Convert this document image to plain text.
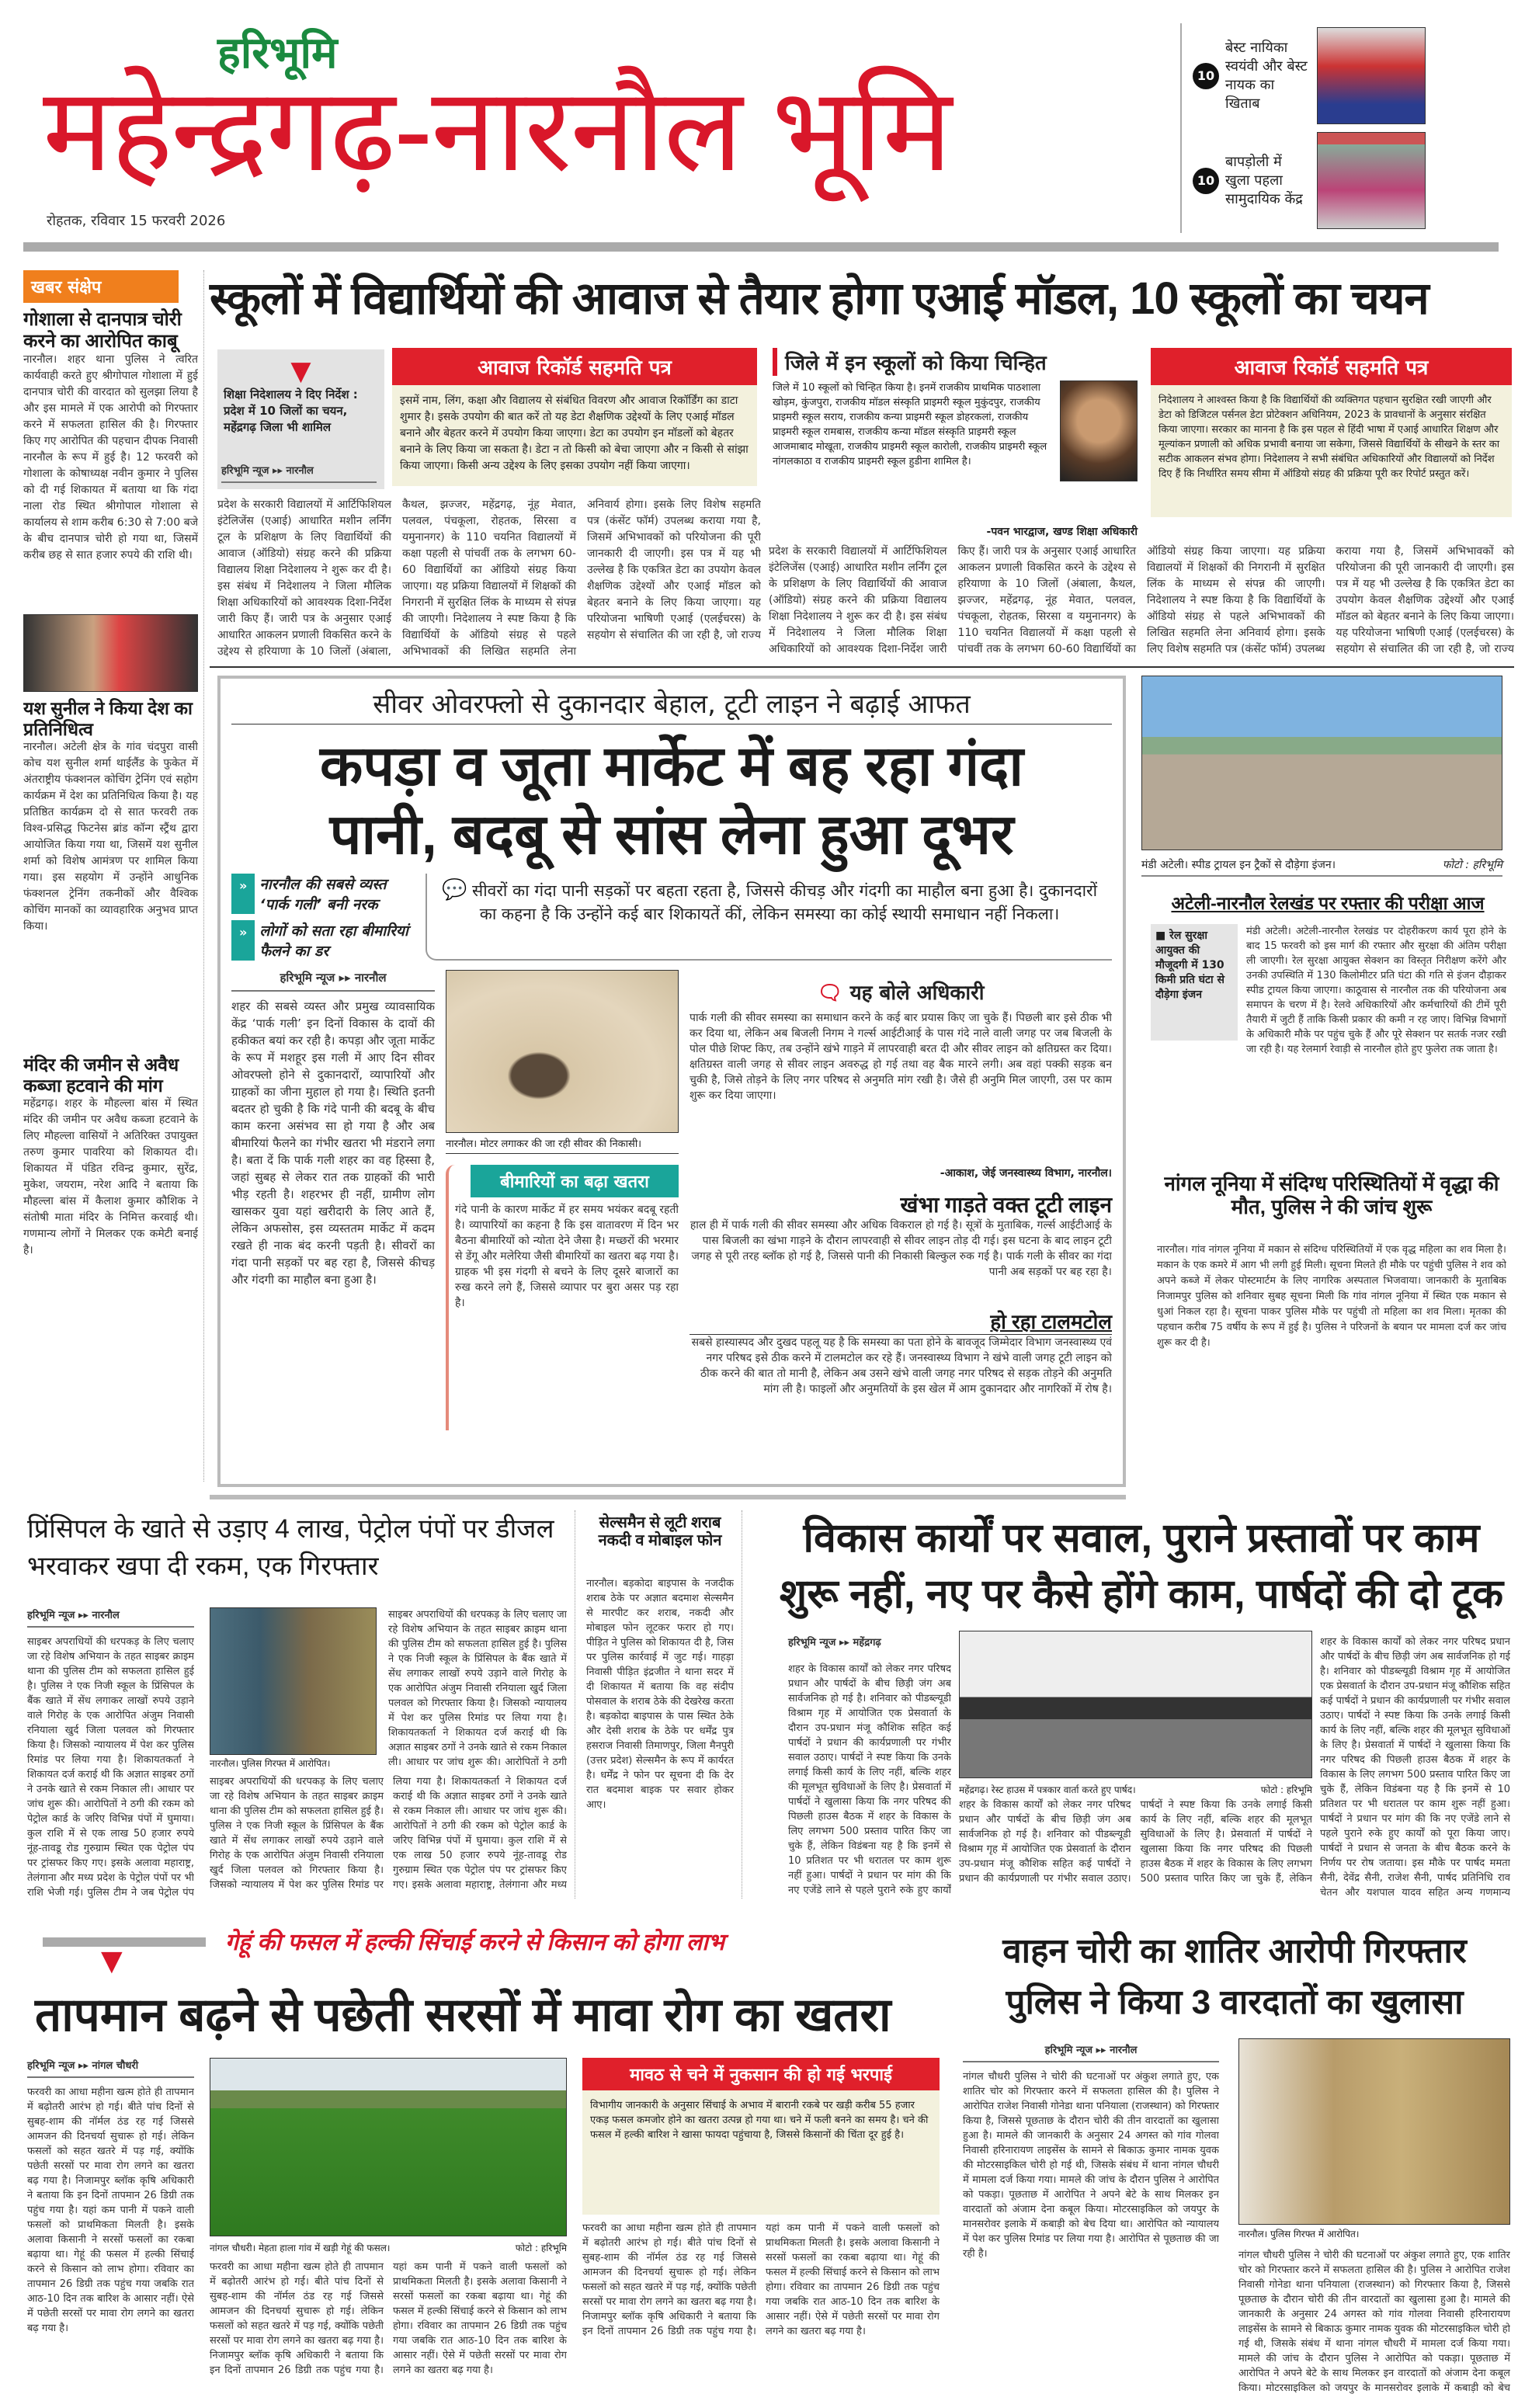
हरिभूमि
महेन्द्रगढ़-नारनौल भूमि
रोहतक, रविवार 15 फरवरी 2026
10
बेस्ट नायिका स्वयंवी और बेस्ट नायक का खिताब
10
बापड़ोली में खुला पहला सामुदायिक केंद्र
खबर संक्षेप
गोशाला से दानपात्र चोरी करने का आरोपित काबू
नारनौल। शहर थाना पुलिस ने त्वरित कार्यवाही करते हुए श्रीगोपाल गोशाला में हुई दानपात्र चोरी की वारदात को सुलझा लिया है और इस मामले में एक आरोपी को गिरफ्तार करने में सफलता हासिल की है। गिरफ्तार किए गए आरोपित की पहचान दीपक निवासी नारनौल के रूप में हुई है। 12 फरवरी को गोशाला के कोषाध्यक्ष नवीन कुमार ने पुलिस को दी गई शिकायत में बताया था कि गंदा नाला रोड स्थित श्रीगोपाल गोशाला से कार्यालय से शाम करीब 6:30 से 7:00 बजे के बीच दानपात्र चोरी हो गया था, जिसमें करीब छह से सात हजार रुपये की राशि थी।
यश सुनील ने किया देश का प्रतिनिधित्व
नारनौल। अटेली क्षेत्र के गांव चंदपुरा वासी कोच यश सुनील शर्मा थाईलैंड के फुकेत में अंतराष्ट्रीय फंक्शनल कोचिंग ट्रेनिंग एवं सहोग कार्यक्रम में देश का प्रतिनिधित्व किया है। यह प्रतिष्ठित कार्यक्रम दो से सात फरवरी तक विश्व-प्रसिद्ध फिटनेस ब्रांड कॉन्ग स्ट्रैंथ द्वारा आयोजित किया गया था, जिसमें यश सुनील शर्मा को विशेष आमंत्रण पर शामिल किया गया। इस सहयोग में उन्होंने आधुनिक फंक्शनल ट्रेनिंग तकनीकों और वैश्विक कोचिंग मानकों का व्यावहारिक अनुभव प्राप्त किया।
मंदिर की जमीन से अवैध कब्जा हटवाने की मांग
महेंद्रगढ़। शहर के मौहल्ला बांस में स्थित मंदिर की जमीन पर अवैध कब्जा हटवाने के लिए मौहल्ला वासियों ने अतिरिक्त उपायुक्त तरुण कुमार पावरिया को शिकायत दी। शिकायत में पंडित रविन्द्र कुमार, सुरेंद्र, मुकेश, जयराम, नरेश आदि ने बताया कि मौहल्ला बांस में कैलाश कुमार कौशिक ने संतोषी माता मंदिर के निमित्त करवाई थी। गणमान्य लोगों ने मिलकर एक कमेटी बनाई है।
स्कूलों में विद्यार्थियों की आवाज से तैयार होगा एआई मॉडल, 10 स्कूलों का चयन
▼
शिक्षा निदेशालय ने दिए निर्देश : प्रदेश में 10 जिलों का चयन, महेंद्रगढ़ जिला भी शामिल
हरिभूमि न्यूज ▸▸ नारनौल
आवाज रिकॉर्ड सहमति पत्र
इसमें नाम, लिंग, कक्षा और विद्यालय से संबंधित विवरण और आवाज रिकॉर्डिंग का डाटा शुमार है। इसके उपयोग की बात करें तो यह डेटा शैक्षणिक उद्देश्यों के लिए एआई मॉडल बनाने और बेहतर करने में उपयोग किया जाएगा। डेटा का उपयोग इन मॉडलों को बेहतर बनाने के लिए किया जा सकता है। डेटा न तो किसी को बेचा जाएगा और न किसी से सांझा किया जाएगा। किसी अन्य उद्देश्य के लिए इसका उपयोग नहीं किया जाएगा।
जिले में इन स्कूलों को किया चिन्हित
जिले में 10 स्कूलों को चिन्हित किया है। इनमें राजकीय प्राथमिक पाठशाला खोड़म, कुंजपुरा, राजकीय मॉडल संस्कृति प्राइमरी स्कूल मुकुंदपुर, राजकीय प्राइमरी स्कूल सराय, राजकीय कन्या प्राइमरी स्कूल डोहरकलां, राजकीय प्राइमरी स्कूल रामबास, राजकीय कन्या मॉडल संस्कृति प्राइमरी स्कूल आजमाबाद मोखूता, राजकीय प्राइमरी स्कूल कारोली, राजकीय प्राइमरी स्कूल नांगलकाठा व राजकीय प्राइमरी स्कूल हुडीना शामिल है।
-पवन भारद्वाज, खण्ड शिक्षा अधिकारी
आवाज रिकॉर्ड सहमति पत्र
निदेशालय ने आश्वस्त किया है कि विद्यार्थियों की व्यक्तिगत पहचान सुरक्षित रखी जाएगी और डेटा को डिजिटल पर्सनल डेटा प्रोटेक्शन अधिनियम, 2023 के प्रावधानों के अनुसार संरक्षित किया जाएगा। सरकार का मानना है कि इस पहल से हिंदी भाषा में एआई आधारित शिक्षण और मूल्यांकन प्रणाली को अधिक प्रभावी बनाया जा सकेगा, जिससे विद्यार्थियों के सीखने के स्तर का सटीक आकलन संभव होगा। निदेशालय ने सभी संबंधित अधिकारियों और विद्यालयों को निर्देश दिए हैं कि निर्धारित समय सीमा में ऑडियो संग्रह की प्रक्रिया पूरी कर रिपोर्ट प्रस्तुत करें।
प्रदेश के सरकारी विद्यालयों में आर्टिफिशियल इंटेलिजेंस (एआई) आधारित मशीन लर्निंग टूल के प्रशिक्षण के लिए विद्यार्थियों की आवाज (ऑडियो) संग्रह करने की प्रक्रिया विद्यालय शिक्षा निदेशालय ने शुरू कर दी है। इस संबंध में निदेशालय ने जिला मौलिक शिक्षा अधिकारियों को आवश्यक दिशा-निर्देश जारी किए हैं। जारी पत्र के अनुसार एआई आधारित आकलन प्रणाली विकसित करने के उद्देश्य से हरियाणा के 10 जिलों (अंबाला, कैथल, झज्जर, महेंद्रगढ़, नूंह मेवात, पलवल, पंचकूला, रोहतक, सिरसा व यमुनानगर) के 110 चयनित विद्यालयों में कक्षा पहली से पांचवीं तक के लगभग 60-60 विद्यार्थियों का ऑडियो संग्रह किया जाएगा। यह प्रक्रिया विद्यालयों में शिक्षकों की निगरानी में सुरक्षित लिंक के माध्यम से संपन्न की जाएगी। निदेशालय ने स्पष्ट किया है कि विद्यार्थियों के ऑडियो संग्रह से पहले अभिभावकों की लिखित सहमति लेना अनिवार्य होगा। इसके लिए विशेष सहमति पत्र (कंसेंट फॉर्म) उपलब्ध कराया गया है, जिसमें अभिभावकों को परियोजना की पूरी जानकारी दी जाएगी। इस पत्र में यह भी उल्लेख है कि एकत्रित डेटा का उपयोग केवल शैक्षणिक उद्देश्यों और एआई मॉडल को बेहतर बनाने के लिए किया जाएगा। यह परियोजना भाषिणी एआई (एलईचरस) के सहयोग से संचालित की जा रही है, जो राज्य
प्रदेश के सरकारी विद्यालयों में आर्टिफिशियल इंटेलिजेंस (एआई) आधारित मशीन लर्निंग टूल के प्रशिक्षण के लिए विद्यार्थियों की आवाज (ऑडियो) संग्रह करने की प्रक्रिया विद्यालय शिक्षा निदेशालय ने शुरू कर दी है। इस संबंध में निदेशालय ने जिला मौलिक शिक्षा अधिकारियों को आवश्यक दिशा-निर्देश जारी किए हैं। जारी पत्र के अनुसार एआई आधारित आकलन प्रणाली विकसित करने के उद्देश्य से हरियाणा के 10 जिलों (अंबाला, कैथल, झज्जर, महेंद्रगढ़, नूंह मेवात, पलवल, पंचकूला, रोहतक, सिरसा व यमुनानगर) के 110 चयनित विद्यालयों में कक्षा पहली से पांचवीं तक के लगभग 60-60 विद्यार्थियों का ऑडियो संग्रह किया जाएगा। यह प्रक्रिया विद्यालयों में शिक्षकों की निगरानी में सुरक्षित लिंक के माध्यम से संपन्न की जाएगी। निदेशालय ने स्पष्ट किया है कि विद्यार्थियों के ऑडियो संग्रह से पहले अभिभावकों की लिखित सहमति लेना अनिवार्य होगा। इसके लिए विशेष सहमति पत्र (कंसेंट फॉर्म) उपलब्ध कराया गया है, जिसमें अभिभावकों को परियोजना की पूरी जानकारी दी जाएगी। इस पत्र में यह भी उल्लेख है कि एकत्रित डेटा का उपयोग केवल शैक्षणिक उद्देश्यों और एआई मॉडल को बेहतर बनाने के लिए किया जाएगा। यह परियोजना भाषिणी एआई (एलईचरस) के सहयोग से संचालित की जा रही है, जो राज्य
सीवर ओवरफ्लो से दुकानदार बेहाल, टूटी लाइन ने बढ़ाई आफत
कपड़ा व जूता मार्केट में बह रहा गंदा पानी, बदबू से सांस लेना हुआ दूभर
» नारनौल की सबसे व्यस्त ‘पार्क गली’ बनी नरक
» लोगों को सता रहा बीमारियां फैलने का डर
💬 सीवरों का गंदा पानी सड़कों पर बहता रहता है, जिससे कीचड़ और गंदगी का माहौल बना हुआ है। दुकानदारों का कहना है कि उन्होंने कई बार शिकायतें कीं, लेकिन समस्या का कोई स्थायी समाधान नहीं निकला।
हरिभूमि न्यूज ▸▸ नारनौल
शहर की सबसे व्यस्त और प्रमुख व्यावसायिक केंद्र ‘पार्क गली’ इन दिनों विकास के दावों की हकीकत बयां कर रही है। कपड़ा और जूता मार्केट के रूप में मशहूर इस गली में आए दिन सीवर ओवरफ्लो होने से दुकानदारों, व्यापारियों और ग्राहकों का जीना मुहाल हो गया है। स्थिति इतनी बदतर हो चुकी है कि गंदे पानी की बदबू के बीच काम करना असंभव सा हो गया है और अब बीमारियां फैलने का गंभीर खतरा भी मंडराने लगा है। बता दें कि पार्क गली शहर का वह हिस्सा है, जहां सुबह से लेकर रात तक ग्राहकों की भारी भीड़ रहती है। शहरभर ही नहीं, ग्रामीण लोग खासकर युवा यहां खरीदारी के लिए आते हैं, लेकिन अफसोस, इस व्यस्ततम मार्केट में कदम रखते ही नाक बंद करनी पड़ती है। सीवरों का गंदा पानी सड़कों पर बह रहा है, जिससे कीचड़ और गंदगी का माहौल बना हुआ है।
नारनौल। मोटर लगाकर की जा रही सीवर की निकासी।
बीमारियों का बढ़ा खतरा
गंदे पानी के कारण मार्केट में हर समय भयंकर बदबू रहती है। व्यापारियों का कहना है कि इस वातावरण में दिन भर बैठना बीमारियों को न्योता देने जैसा है। मच्छरों की भरमार से डेंगू और मलेरिया जैसी बीमारियों का खतरा बढ़ गया है। ग्राहक भी इस गंदगी से बचने के लिए दूसरे बाजारों का रुख करने लगे हैं, जिससे व्यापार पर बुरा असर पड़ रहा है।
🗨 यह बोले अधिकारी
पार्क गली की सीवर समस्या का समाधान करने के कई बार प्रयास किए जा चुके हैं। पिछली बार इसे ठीक भी कर दिया था, लेकिन अब बिजली निगम ने गर्ल्स आईटीआई के पास गंदे नाले वाली जगह पर जब बिजली के पोल पीछे शिफ्ट किए, तब उन्होंने खंभे गाड़ने में लापरवाही बरत दी और सीवर लाइन को क्षतिग्रस्त कर दिया। क्षतिग्रस्त वाली जगह से सीवर लाइन अवरुद्ध हो गई तथा वह बैक मारने लगी। अब वहां पक्की सड़क बन चुकी है, जिसे तोड़ने के लिए नगर परिषद से अनुमति मांग रखी है। जैसे ही अनुमि मिल जाएगी, उस पर काम शुरू कर दिया जाएगा।
-आकाश, जेई जनस्वास्थ्य विभाग, नारनौल।
खंभा गाड़ते वक्त टूटी लाइन
हाल ही में पार्क गली की सीवर समस्या और अधिक विकराल हो गई है। सूत्रों के मुताबिक, गर्ल्स आईटीआई के पास बिजली का खंभा गाड़ने के दौरान लापरवाही से सीवर लाइन तोड़ दी गई। इस घटना के बाद लाइन टूटी जगह से पूरी तरह ब्लॉक हो गई है, जिससे पानी की निकासी बिल्कुल रुक गई है। पार्क गली के सीवर का गंदा पानी अब सड़कों पर बह रहा है।
हो रहा टालमटोल
सबसे हास्यास्पद और दुखद पहलू यह है कि समस्या का पता होने के बावजूद जिम्मेदार विभाग जनस्वास्थ्य एवं नगर परिषद इसे ठीक करने में टालमटोल कर रहे हैं। जनस्वास्थ्य विभाग ने खंभे वाली जगह टूटी लाइन को ठीक करने की बात तो मानी है, लेकिन अब उसने खंभे वाली जगह नगर परिषद से सड़क तोड़ने की अनुमति मांग ली है। फाइलों और अनुमतियों के इस खेल में आम दुकानदार और नागरिकों में रोष है।
मंडी अटेली। स्पीड ट्रायल इन ट्रैकों से दौड़ेगा इंजन।	फोटो : हरिभूमि
अटेली-नारनौल रेलखंड पर रफ्तार की परीक्षा आज
■ रेल सुरक्षा आयुक्त की मौजूदगी में 130 किमी प्रति घंटा से दौड़ेगा इंजन
मंडी अटेली। अटेली-नारनौल रेलखंड पर दोहरीकरण कार्य पूरा होने के बाद 15 फरवरी को इस मार्ग की रफ्तार और सुरक्षा की अंतिम परीक्षा ली जाएगी। रेल सुरक्षा आयुक्त सेक्शन का विस्तृत निरीक्षण करेंगे और उनकी उपस्थिति में 130 किलोमीटर प्रति घंटा की गति से इंजन दौड़ाकर स्पीड ट्रायल किया जाएगा। काठूवास से नारनौल तक की परियोजना अब समापन के चरण में है। रेलवे अधिकारियों और कर्मचारियों की टीमें पूरी तैयारी में जुटी हैं ताकि किसी प्रकार की कमी न रह जाए। विभिन्न विभागों के अधिकारी मौके पर पहुंच चुके हैं और पूरे सेक्शन पर सतर्क नजर रखी जा रही है। यह रेलमार्ग रेवाड़ी से नारनौल होते हुए फुलेरा तक जाता है।
नांगल नूनिया में संदिग्ध परिस्थितियों में वृद्धा की मौत, पुलिस ने की जांच शुरू
नारनौल। गांव नांगल नूनिया में मकान से संदिग्ध परिस्थितियों में एक वृद्ध महिला का शव मिला है। मकान के एक कमरे में आग भी लगी हुई मिली। सूचना मिलते ही मौके पर पहुंची पुलिस ने शव को अपने कब्जे में लेकर पोस्टमार्टम के लिए नागरिक अस्पताल भिजवाया। जानकारी के मुताबिक निजामपुर पुलिस को शनिवार सुबह सूचना मिली कि गांव नांगल नूनिया में स्थित एक मकान से धुआं निकल रहा है। सूचना पाकर पुलिस मौके पर पहुंची तो महिला का शव मिला। मृतका की पहचान करीब 75 वर्षीय के रूप में हुई है। पुलिस ने परिजनों के बयान पर मामला दर्ज कर जांच शुरू कर दी है।
प्रिंसिपल के खाते से उड़ाए 4 लाख, पेट्रोल पंपों पर डीजल भरवाकर खपा दी रकम, एक गिरफ्तार
हरिभूमि न्यूज ▸▸ नारनौल
साइबर अपराधियों की धरपकड़ के लिए चलाए जा रहे विशेष अभियान के तहत साइबर क्राइम थाना की पुलिस टीम को सफलता हासिल हुई है। पुलिस ने एक निजी स्कूल के प्रिंसिपल के बैंक खाते में सेंध लगाकर लाखों रुपये उड़ाने वाले गिरोह के एक आरोपित अंजुम निवासी रनियाला खुर्द जिला पलवल को गिरफ्तार किया है। जिसको न्यायालय में पेश कर पुलिस रिमांड पर लिया गया है। शिकायतकर्ता ने शिकायत दर्ज कराई थी कि अज्ञात साइबर ठगों ने उनके खाते से रकम निकाल ली। आधार पर जांच शुरू की। आरोपितों ने ठगी की रकम को पेट्रोल कार्ड के जरिए विभिन्न पंपों में घुमाया। कुल राशि में से एक लाख 50 हजार रुपये नूंह-तावडू रोड गुरुग्राम स्थित एक पेट्रोल पंप पर ट्रांसफर किए गए। इसके अलावा महाराष्ट्र, तेलंगाना और मध्य प्रदेश के पेट्रोल पंपों पर भी राशि भेजी गई। पुलिस टीम ने जब पेट्रोल पंप
नारनौल। पुलिस गिरफ्त में आरोपित।
साइबर अपराधियों की धरपकड़ के लिए चलाए जा रहे विशेष अभियान के तहत साइबर क्राइम थाना की पुलिस टीम को सफलता हासिल हुई है। पुलिस ने एक निजी स्कूल के प्रिंसिपल के बैंक खाते में सेंध लगाकर लाखों रुपये उड़ाने वाले गिरोह के एक आरोपित अंजुम निवासी रनियाला खुर्द जिला पलवल को गिरफ्तार किया है। जिसको न्यायालय में पेश कर पुलिस रिमांड पर लिया गया है। शिकायतकर्ता ने शिकायत दर्ज कराई थी कि अज्ञात साइबर ठगों ने उनके खाते से रकम निकाल ली। आधार पर जांच शुरू की। आरोपितों ने ठगी की रकम को पेट्रोल कार्ड के जरिए विभिन्न पंपों में घुमाया। कुल राशि में से एक लाख 50 हजार रुपये नूंह-तावडू रोड गुरुग्राम स्थित एक पेट्रोल पंप पर ट्रांसफर किए गए। इसके अलावा महाराष्ट्र, तेलंगाना और मध्य
साइबर अपराधियों की धरपकड़ के लिए चलाए जा रहे विशेष अभियान के तहत साइबर क्राइम थाना की पुलिस टीम को सफलता हासिल हुई है। पुलिस ने एक निजी स्कूल के प्रिंसिपल के बैंक खाते में सेंध लगाकर लाखों रुपये उड़ाने वाले गिरोह के एक आरोपित अंजुम निवासी रनियाला खुर्द जिला पलवल को गिरफ्तार किया है। जिसको न्यायालय में पेश कर पुलिस रिमांड पर लिया गया है। शिकायतकर्ता ने शिकायत दर्ज कराई थी कि अज्ञात साइबर ठगों ने उनके खाते से रकम निकाल ली। आधार पर जांच शुरू की। आरोपितों ने ठगी
सेल्समैन से लूटी शराब नकदी व मोबाइल फोन
नारनौल। बड़कोदा बाइपास के नजदीक शराब ठेके पर अज्ञात बदमाश सेल्समैन से मारपीट कर शराब, नकदी और मोबाइल फोन लूटकर फरार हो गए। पीड़ित ने पुलिस को शिकायत दी है, जिस पर पुलिस कार्रवाई में जुट गई। गाहड़ा निवासी पीड़ित इंद्रजीत ने थाना सदर में दी शिकायत में बताया कि वह संदीप पोसवाल के शराब ठेके की देखरेख करता है। बड़कोदा बाइपास के पास स्थित ठेके और देसी शराब के ठेके पर धर्मेंद्र पुत्र हसराज निवासी तिमाणपुर, जिला मैनपुरी (उत्तर प्रदेश) सेल्समैन के रूप में कार्यरत है। धर्मेंद्र ने फोन पर सूचना दी कि देर रात बदमाश बाइक पर सवार होकर आए।
विकास कार्यों पर सवाल, पुराने प्रस्तावों पर काम शुरू नहीं, नए पर कैसे होंगे काम, पार्षदों की दो टूक
हरिभूमि न्यूज ▸▸ महेंद्रगढ़
शहर के विकास कार्यों को लेकर नगर परिषद प्रधान और पार्षदों के बीच छिड़ी जंग अब सार्वजनिक हो गई है। शनिवार को पीडब्ल्यूडी विश्राम गृह में आयोजित एक प्रेसवार्ता के दौरान उप-प्रधान मंजू कौशिक सहित कई पार्षदों ने प्रधान की कार्यप्रणाली पर गंभीर सवाल उठाए। पार्षदों ने स्पष्ट किया कि उनके लगाई किसी कार्य के लिए नहीं, बल्कि शहर की मूलभूत सुविधाओं के लिए है। प्रेसवार्ता में पार्षदों ने खुलासा किया कि नगर परिषद की पिछली हाउस बैठक में शहर के विकास के लिए लगभग 500 प्रस्ताव पारित किए जा चुके हैं, लेकिन विडंबना यह है कि इनमें से 10 प्रतिशत पर भी धरातल पर काम शुरू नहीं हुआ। पार्षदों ने प्रधान पर मांग की कि नए एजेंडे लाने से पहले पुराने रुके हुए कार्यों
महेंद्रगढ़। रेस्ट हाउस में पत्रकार वार्ता करते हुए पार्षद।	फोटो : हरिभूमि
शहर के विकास कार्यों को लेकर नगर परिषद प्रधान और पार्षदों के बीच छिड़ी जंग अब सार्वजनिक हो गई है। शनिवार को पीडब्ल्यूडी विश्राम गृह में आयोजित एक प्रेसवार्ता के दौरान उप-प्रधान मंजू कौशिक सहित कई पार्षदों ने प्रधान की कार्यप्रणाली पर गंभीर सवाल उठाए। पार्षदों ने स्पष्ट किया कि उनके लगाई किसी कार्य के लिए नहीं, बल्कि शहर की मूलभूत सुविधाओं के लिए है। प्रेसवार्ता में पार्षदों ने खुलासा किया कि नगर परिषद की पिछली हाउस बैठक में शहर के विकास के लिए लगभग 500 प्रस्ताव पारित किए जा चुके हैं, लेकिन
शहर के विकास कार्यों को लेकर नगर परिषद प्रधान और पार्षदों के बीच छिड़ी जंग अब सार्वजनिक हो गई है। शनिवार को पीडब्ल्यूडी विश्राम गृह में आयोजित एक प्रेसवार्ता के दौरान उप-प्रधान मंजू कौशिक सहित कई पार्षदों ने प्रधान की कार्यप्रणाली पर गंभीर सवाल उठाए। पार्षदों ने स्पष्ट किया कि उनके लगाई किसी कार्य के लिए नहीं, बल्कि शहर की मूलभूत सुविधाओं के लिए है। प्रेसवार्ता में पार्षदों ने खुलासा किया कि नगर परिषद की पिछली हाउस बैठक में शहर के विकास के लिए लगभग 500 प्रस्ताव पारित किए जा चुके हैं, लेकिन विडंबना यह है कि इनमें से 10 प्रतिशत पर भी धरातल पर काम शुरू नहीं हुआ। पार्षदों ने प्रधान पर मांग की कि नए एजेंडे लाने से पहले पुराने रुके हुए कार्यों को पूरा किया जाए। पार्षदों ने प्रधान से जनता के बीच बैठक करने के निर्णय पर रोष जताया। इस मौके पर पार्षद ममता सैनी, देवेंद्र सैनी, राजेश सैनी, पार्षद प्रतिनिधि राव चेतन और यशपाल यादव सहित अन्य गणमान्य
▼
गेहूं की फसल में हल्की सिंचाई करने से किसान को होगा लाभ
तापमान बढ़ने से पछेती सरसों में मावा रोग का खतरा
हरिभूमि न्यूज ▸▸ नांगल चौधरी
फरवरी का आधा महीना खत्म होते ही तापमान में बढ़ोतरी आरंभ हो गई। बीते पांच दिनों से सुबह-शाम की नॉर्मल ठंड रह गई जिससे आमजन की दिनचर्या सुचारू हो गई। लेकिन फसलों को सहत खतरे में पड़ गई, क्योंकि पछेती सरसों पर मावा रोग लगने का खतरा बढ़ गया है। निजामपुर ब्लॉक कृषि अधिकारी ने बताया कि इन दिनों तापमान 26 डिग्री तक पहुंच गया है। यहां कम पानी में पकने वाली फसलों को प्राथमिकता मिलती है। इसके अलावा किसानी ने सरसों फसलों का रकबा बढ़ाया था। गेहूं की फसल में हल्की सिंचाई करने से किसान को लाभ होगा। रविवार का तापमान 26 डिग्री तक पहुंच गया जबकि रात आठ-10 दिन तक बारिश के आसार नहीं। ऐसे में पछेती सरसों पर मावा रोग लगने का खतरा बढ़ गया है।
नांगल चौधरी। मेहता हाला गांव में खड़ी गेहूं की फसल।	फोटो : हरिभूमि
फरवरी का आधा महीना खत्म होते ही तापमान में बढ़ोतरी आरंभ हो गई। बीते पांच दिनों से सुबह-शाम की नॉर्मल ठंड रह गई जिससे आमजन की दिनचर्या सुचारू हो गई। लेकिन फसलों को सहत खतरे में पड़ गई, क्योंकि पछेती सरसों पर मावा रोग लगने का खतरा बढ़ गया है। निजामपुर ब्लॉक कृषि अधिकारी ने बताया कि इन दिनों तापमान 26 डिग्री तक पहुंच गया है। यहां कम पानी में पकने वाली फसलों को प्राथमिकता मिलती है। इसके अलावा किसानी ने सरसों फसलों का रकबा बढ़ाया था। गेहूं की फसल में हल्की सिंचाई करने से किसान को लाभ होगा। रविवार का तापमान 26 डिग्री तक पहुंच गया जबकि रात आठ-10 दिन तक बारिश के आसार नहीं। ऐसे में पछेती सरसों पर मावा रोग लगने का खतरा बढ़ गया है।
मावठ से चने में नुकसान की हो गई भरपाई
विभागीय जानकारी के अनुसार सिंचाई के अभाव में बारानी रकबे पर खड़ी करीब 55 हजार एकड़ फसल कमजोर होने का खतरा उत्पन्न हो गया था। चने में फली बनने का समय है। चने की फसल में हल्की बारिश ने खासा फायदा पहुंचाया है, जिससे किसानों की चिंता दूर हुई है।
फरवरी का आधा महीना खत्म होते ही तापमान में बढ़ोतरी आरंभ हो गई। बीते पांच दिनों से सुबह-शाम की नॉर्मल ठंड रह गई जिससे आमजन की दिनचर्या सुचारू हो गई। लेकिन फसलों को सहत खतरे में पड़ गई, क्योंकि पछेती सरसों पर मावा रोग लगने का खतरा बढ़ गया है। निजामपुर ब्लॉक कृषि अधिकारी ने बताया कि इन दिनों तापमान 26 डिग्री तक पहुंच गया है। यहां कम पानी में पकने वाली फसलों को प्राथमिकता मिलती है। इसके अलावा किसानी ने सरसों फसलों का रकबा बढ़ाया था। गेहूं की फसल में हल्की सिंचाई करने से किसान को लाभ होगा। रविवार का तापमान 26 डिग्री तक पहुंच गया जबकि रात आठ-10 दिन तक बारिश के आसार नहीं। ऐसे में पछेती सरसों पर मावा रोग लगने का खतरा बढ़ गया है।
वाहन चोरी का शातिर आरोपी गिरफ्तार पुलिस ने किया 3 वारदातों का खुलासा
हरिभूमि न्यूज ▸▸ नारनौल
नांगल चौधरी पुलिस ने चोरी की घटनाओं पर अंकुश लगाते हुए, एक शातिर चोर को गिरफ्तार करने में सफलता हासिल की है। पुलिस ने आरोपित राजेश निवासी गोनेडा थाना पनियाला (राजस्थान) को गिरफ्तार किया है, जिससे पूछताछ के दौरान चोरी की तीन वारदातों का खुलासा हुआ है। मामले की जानकारी के अनुसार 24 अगस्त को गांव गोलवा निवासी हरिनारायण लाइसेंस के सामने से बिकाऊ कुमार नामक युवक की मोटरसाइकिल चोरी हो गई थी, जिसके संबंध में थाना नांगल चौधरी में मामला दर्ज किया गया। मामले की जांच के दौरान पुलिस ने आरोपित को पकड़ा। पूछताछ में आरोपित ने अपने बेटे के साथ मिलकर इन वारदातों को अंजाम देना कबूल किया। मोटरसाइकिल को जयपुर के मानसरोवर इलाके में कबाड़ी को बेच दिया था। आरोपित को न्यायालय में पेश कर पुलिस रिमांड पर लिया गया है। आरोपित से पूछताछ की जा रही है।
नारनौल। पुलिस गिरफ्त में आरोपित।
नांगल चौधरी पुलिस ने चोरी की घटनाओं पर अंकुश लगाते हुए, एक शातिर चोर को गिरफ्तार करने में सफलता हासिल की है। पुलिस ने आरोपित राजेश निवासी गोनेडा थाना पनियाला (राजस्थान) को गिरफ्तार किया है, जिससे पूछताछ के दौरान चोरी की तीन वारदातों का खुलासा हुआ है। मामले की जानकारी के अनुसार 24 अगस्त को गांव गोलवा निवासी हरिनारायण लाइसेंस के सामने से बिकाऊ कुमार नामक युवक की मोटरसाइकिल चोरी हो गई थी, जिसके संबंध में थाना नांगल चौधरी में मामला दर्ज किया गया। मामले की जांच के दौरान पुलिस ने आरोपित को पकड़ा। पूछताछ में आरोपित ने अपने बेटे के साथ मिलकर इन वारदातों को अंजाम देना कबूल किया। मोटरसाइकिल को जयपुर के मानसरोवर इलाके में कबाड़ी को बेच
